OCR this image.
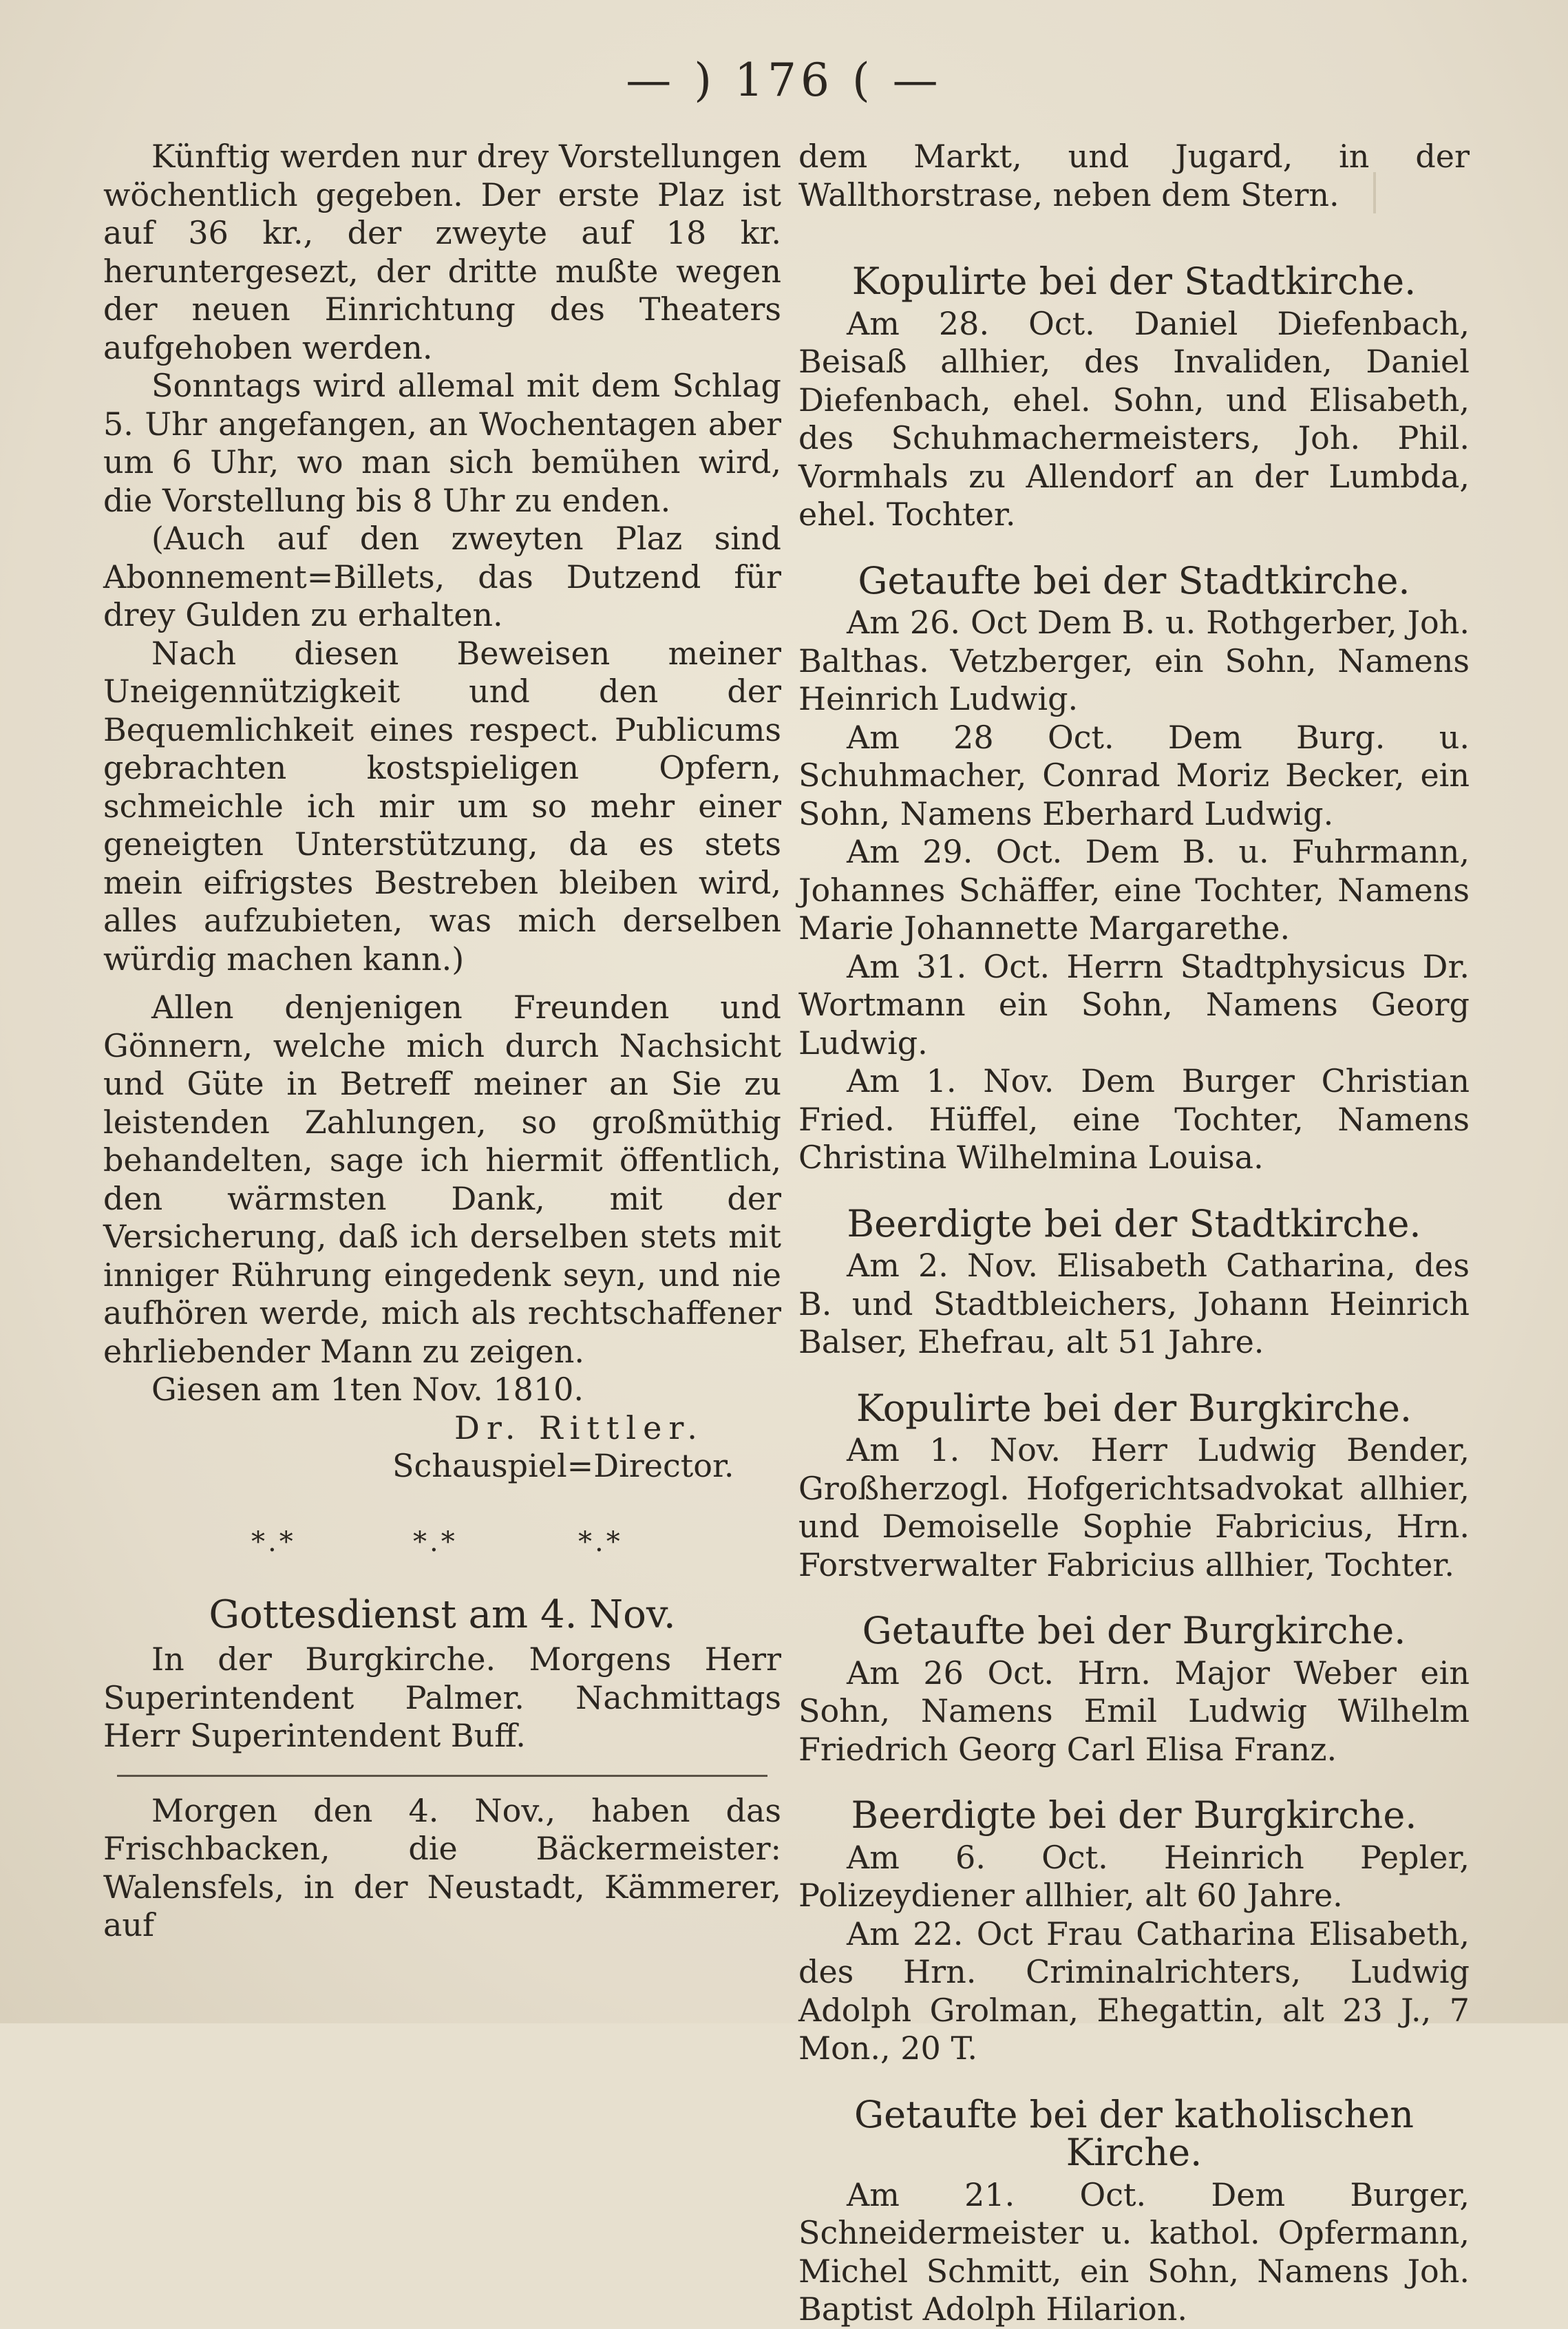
— ) 176 ( —

Künftig werden nur drey Vorstellungen wöchentlich gegeben. Der erste Plaz ist auf 36 kr., der zweyte auf 18 kr. heruntergesezt, der dritte mußte wegen der neuen Einrichtung des Theaters aufgehoben werden.

Sonntags wird allemal mit dem Schlag 5. Uhr angefangen, an Wochentagen aber um 6 Uhr, wo man sich bemühen wird, die Vorstellung bis 8 Uhr zu enden.

(Auch auf den zweyten Plaz sind Abonnement=Billets, das Dutzend für drey Gulden zu erhalten.

Nach diesen Beweisen meiner Uneigennützigkeit und den der Bequemlichkeit eines respect. Publicums gebrachten kostspieligen Opfern, schmeichle ich mir um so mehr einer geneigten Unterstützung, da es stets mein eifrigstes Bestreben bleiben wird, alles aufzubieten, was mich derselben würdig machen kann.)

Allen denjenigen Freunden und Gönnern, welche mich durch Nachsicht und Güte in Betreff meiner an Sie zu leistenden Zahlungen, so großmüthig behandelten, sage ich hiermit öffentlich, den wärmsten Dank, mit der Versicherung, daß ich derselben stets mit inniger Rührung eingedenk seyn, und nie aufhören werde, mich als rechtschaffener ehrliebender Mann zu zeigen.

Giesen am 1ten Nov. 1810.

Dr. Rittler.

Schauspiel=Director.

*.*	*.*	*.*
Gottesdienst am 4. Nov.

In der Burgkirche. Morgens Herr Superintendent Palmer. Nachmittags Herr Superintendent Buff.

Morgen den 4. Nov., haben das Frischbacken, die Bäckermeister: Walensfels, in der Neustadt, Kämmerer, auf

dem Markt, und Jugard, in der Wallthorstrase, neben dem Stern.

Kopulirte bei der Stadtkirche.

Am 28. Oct. Daniel Diefenbach, Beisaß allhier, des Invaliden, Daniel Diefenbach, ehel. Sohn, und Elisabeth, des Schuhmachermeisters, Joh. Phil. Vormhals zu Allendorf an der Lumbda, ehel. Tochter.

Getaufte bei der Stadtkirche.

Am 26. Oct Dem B. u. Rothgerber, Joh. Balthas. Vetzberger, ein Sohn, Namens Heinrich Ludwig.

Am 28 Oct. Dem Burg. u. Schuhmacher, Conrad Moriz Becker, ein Sohn, Namens Eberhard Ludwig.

Am 29. Oct. Dem B. u. Fuhrmann, Johannes Schäffer, eine Tochter, Namens Marie Johannette Margarethe.

Am 31. Oct. Herrn Stadtphysicus Dr. Wortmann ein Sohn, Namens Georg Ludwig.

Am 1. Nov. Dem Burger Christian Fried. Hüffel, eine Tochter, Namens Christina Wilhelmina Louisa.

Beerdigte bei der Stadtkirche.

Am 2. Nov. Elisabeth Catharina, des B. und Stadtbleichers, Johann Heinrich Balser, Ehefrau, alt 51 Jahre.

Kopulirte bei der Burgkirche.

Am 1. Nov. Herr Ludwig Bender, Großherzogl. Hofgerichtsadvokat allhier, und Demoiselle Sophie Fabricius, Hrn. Forstverwalter Fabricius allhier, Tochter.

Getaufte bei der Burgkirche.

Am 26 Oct. Hrn. Major Weber ein Sohn, Namens Emil Ludwig Wilhelm Friedrich Georg Carl Elisa Franz.

Beerdigte bei der Burgkirche.

Am 6. Oct. Heinrich Pepler, Polizeydiener allhier, alt 60 Jahre.

Am 22. Oct Frau Catharina Elisabeth, des Hrn. Criminalrichters, Ludwig Adolph Grolman, Ehegattin, alt 23 J., 7 Mon., 20 T.

Getaufte bei der katholischen Kirche.

Am 21. Oct. Dem Burger, Schneidermeister u. kathol. Opfermann, Michel Schmitt, ein Sohn, Namens Joh. Baptist Adolph Hilarion.
